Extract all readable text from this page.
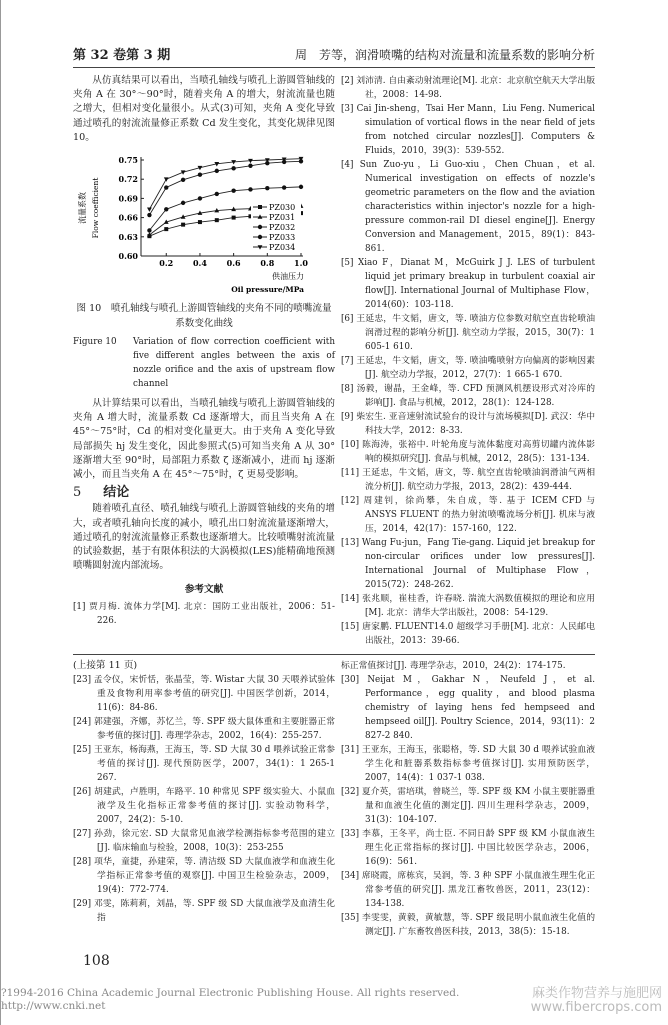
第 32 卷第 3 期	周　芳等，润滑喷嘴的结构对流量和流量系数的影响分析

从仿真结果可以看出，当喷孔轴线与喷孔上游圆管轴线的夹角 A 在 30°～90°时，随着夹角 A 的增大，射流流量也随之增大，但相对变化量很小。从式(3)可知，夹角 A 变化导致通过喷孔的射流流量修正系数 Cd 发生变化，其变化规律见图 10。

0.60
0.63
0.66
0.69
0.72
0.75
0.2 0.4 0.6 0.8 1.0
供油压力
Oil pressure/MPa
流量系数 Flow coefficient	PZ030
PZ031
PZ032
PZ033
PZ034
图 10　 喷孔轴线与喷孔上游圆管轴线的夹角不同的喷嘴流量系数变化曲线
Figure 10 Variation of flow correction coefficient with five different angles between the axis of nozzle orifice and the axis of upstream flow channel

从计算结果可以看出，当喷孔轴线与喷孔上游圆管轴线的夹角 A 增大时，流量系数 Cd 逐渐增大，而且当夹角 A 在 45°～75°时，Cd 的相对变化量更大。由于夹角 A 变化导致局部损失 hj 发生变化，因此参照式(5)可知当夹角 A 从 30°逐渐增大至 90°时，局部阻力系数 ζ 逐渐减小，进而 hj 逐渐减小，而且当夹角 A 在 45°～75°时，ζ 更易受影响。

5 结论

随着喷孔直径、喷孔轴线与喷孔上游圆管轴线的夹角的增大，或者喷孔轴向长度的减小，喷孔出口射流流量逐渐增大，通过喷孔的射流流量修正系数也逐渐增大。比较喷嘴射流流量的试验数据，基于有限体积法的大涡模拟(LES)能精确地预测喷嘴圆射流内部流场。

参考文献

[1] 贾月梅. 流体力学[M]. 北京：国防工业出版社，2006：51-226.

[2] 刘沛清. 自由紊动射流理论[M]. 北京：北京航空航天大学出版社，2008：14-98.

[3] Cai Jin-sheng，Tsai Her Mann，Liu Feng. Numerical simulation of vortical flows in the near field of jets from notched circular nozzles[J]. Computers & Fluids，2010，39(3)：539-552.

[4] Sun Zuo-yu，Li Guo-xiu，Chen Chuan，et al. Numerical investigation on effects of nozzle's geometric parameters on the flow and the aviation characteristics within injector's nozzle for a high-pressure common-rail DI diesel engine[J]. Energy Conversion and Management，2015，89(1)：843-861.

[5] Xiao F，Dianat M，McGuirk J J. LES of turbulent liquid jet primary breakup in turbulent coaxial air flow[J]. International Journal of Multiphase Flow，2014(60)：103-118.

[6] 王延忠，牛文韬，唐文，等. 喷油方位参数对航空直齿轮喷油润滑过程的影响分析[J]. 航空动力学报，2015，30(7)：1 605-1 610.

[7] 王延忠，牛文韬，唐文，等. 喷油嘴喷射方向偏离的影响因素[J]. 航空动力学报，2012，27(7)：1 665-1 670.

[8] 汤毅，谢晶，王金峰，等. CFD 预测风机摆设形式对冷库的影响[J]. 食品与机械，2012，28(1)：124-128.

[9] 柴宏生. 亚音速射流试验台的设计与流场模拟[D]. 武汉：华中科技大学，2012：8-33.

[10] 陈海涛，张裕中. 叶轮角度与流体黏度对高剪切罐内流体影响的模拟研究[J]. 食品与机械，2012，28(5)：131-134.

[11] 王延忠，牛文韬，唐文，等. 航空直齿轮喷油润滑油气两相流分析[J]. 航空动力学报，2013，28(2)：439-444.

[12] 周建钊，徐尚攀，朱自成，等. 基于 ICEM CFD 与 ANSYS FLUENT 的热力射流喷嘴流场分析[J]. 机床与液压，2014，42(17)：157-160，122.

[13] Wang Fu-jun，Fang Tie-gang. Liquid jet breakup for non-circular orifices under low pressures[J]. International Journal of Multiphase Flow，2015(72)：248-262.

[14] 张兆顺，崔桂香，许春晓. 湍流大涡数值模拟的理论和应用[M]. 北京：清华大学出版社，2008：54-129.

[15] 唐家鹏. FLUENT14.0 超级学习手册[M]. 北京：人民邮电出版社，2013：39-66.

(上接第 11 页)

[23] 孟令仪，宋忻恬，张晶莹，等. Wistar 大鼠 30 天喂养试验体重及食物利用率参考值的研究[J]. 中国医学创新，2014，11(6)：84-86.

[24] 郭建强，齐娜，苏忆兰，等. SPF 级大鼠体重和主要脏器正常参考值的探讨[J]. 毒理学杂志，2002，16(4)：255-257.

[25] 王亚东，杨海燕，王海玉，等. SD 大鼠 30 d 喂养试验正常参考值的探讨[J]. 现代预防医学，2007，34(1)：1 265-1 267.

[26] 胡建武，卢胜明，车路平. 10 种常见 SPF 级实验大、小鼠血液学及生化指标正常参考值的探讨[J]. 实验动物科学，2007，24(2)：5-10.

[27] 孙劲，徐元宏. SD 大鼠常见血液学检测指标参考范围的建立[J]. 临床输血与检验，2008，10(3)：253-255

[28] 项华，童捷，孙建荣，等. 清洁级 SD 大鼠血液学和血液生化学指标正常参考值的观察[J]. 中国卫生检验杂志，2009，19(4)：772-774.

[29] 邓雯，陈莉莉，刘晶，等. SPF 级 SD 大鼠血液学及血清生化指

标正常值探讨[J]. 毒理学杂志，2010，24(2)：174-175.

[30] Neijat M，Gakhar N，Neufeld J，et al. Performance，egg quality，and blood plasma chemistry of laying hens fed hempseed and hempseed oil[J]. Poultry Science，2014，93(11)：2 827-2 840.

[31] 王亚东，王海玉，张聪格，等. SD 大鼠 30 d 喂养试验血液学生化和脏器系数指标参考值探讨[J]. 实用预防医学，2007，14(4)：1 037-1 038.

[32] 夏介英，雷培琪，曾晓兰，等. SPF 级 KM 小鼠主要脏器重量和血液生化值的测定[J]. 四川生理科学杂志，2009，31(3)：104-107.

[33] 李慕，王冬平，尚士臣. 不同日龄 SPF 级 KM 小鼠血液生理生化正常指标的探讨[J]. 中国比较医学杂志，2006，16(9)：561.

[34] 席晓霞，席栋宾，吴润，等. 3 种 SPF 小鼠血液生理生化正常参考值的研究[J]. 黑龙江畜牧兽医，2011，23(12)：134-138.

[35] 李雯雯，黄毅，黄敏慧，等. SPF 级昆明小鼠血液生化值的测定[J]. 广东畜牧兽医科技，2013，38(5)：15-18.

108
?1994-2016 China Academic Journal Electronic Publishing House. All rights reserved. http://www.cnki.net
麻类作物营养与施肥网
www.fibercrops.com
